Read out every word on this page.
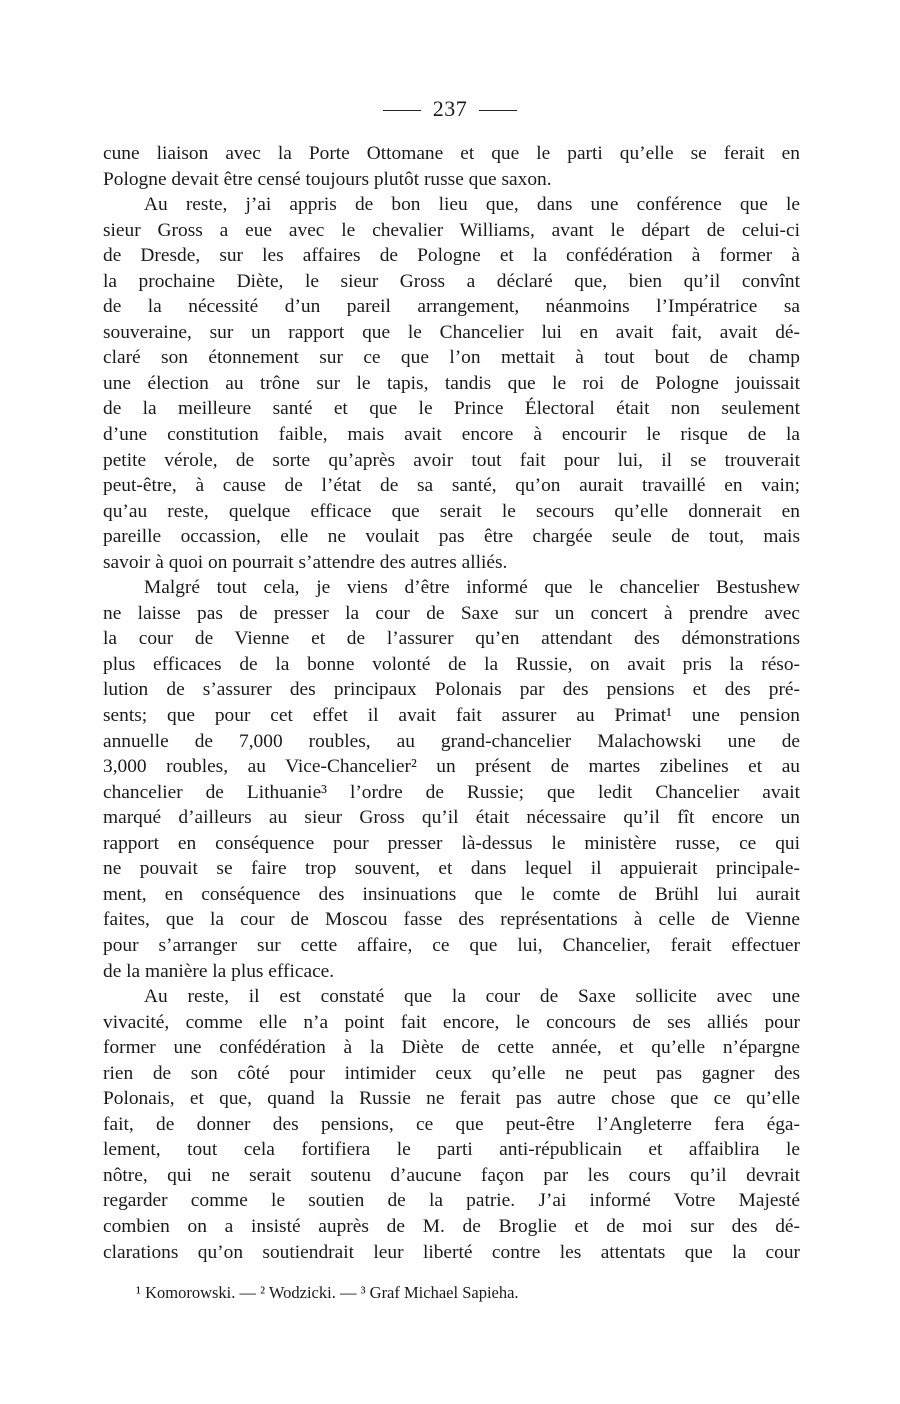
237
cune liaison avec la Porte Ottomane et que le parti qu’elle se ferait en
Pologne devait être censé toujours plutôt russe que saxon.
Au reste, j’ai appris de bon lieu que, dans une conférence que le
sieur Gross a eue avec le chevalier Williams, avant le départ de celui-ci
de Dresde, sur les affaires de Pologne et la confédération à former à
la prochaine Diète, le sieur Gross a déclaré que, bien qu’il convînt
de la nécessité d’un pareil arrangement, néanmoins l’Impératrice sa
souveraine, sur un rapport que le Chancelier lui en avait fait, avait dé-
claré son étonnement sur ce que l’on mettait à tout bout de champ
une élection au trône sur le tapis, tandis que le roi de Pologne jouissait
de la meilleure santé et que le Prince Électoral était non seulement
d’une constitution faible, mais avait encore à encourir le risque de la
petite vérole, de sorte qu’après avoir tout fait pour lui, il se trouverait
peut-être, à cause de l’état de sa santé, qu’on aurait travaillé en vain;
qu’au reste, quelque efficace que serait le secours qu’elle donnerait en
pareille occassion, elle ne voulait pas être chargée seule de tout, mais
savoir à quoi on pourrait s’attendre des autres alliés.
Malgré tout cela, je viens d’être informé que le chancelier Bestushew
ne laisse pas de presser la cour de Saxe sur un concert à prendre avec
la cour de Vienne et de l’assurer qu’en attendant des démonstrations
plus efficaces de la bonne volonté de la Russie, on avait pris la réso-
lution de s’assurer des principaux Polonais par des pensions et des pré-
sents; que pour cet effet il avait fait assurer au Primat¹ une pension
annuelle de 7,000 roubles, au grand-chancelier Malachowski une de
3,000 roubles, au Vice-Chancelier² un présent de martes zibelines et au
chancelier de Lithuanie³ l’ordre de Russie; que ledit Chancelier avait
marqué d’ailleurs au sieur Gross qu’il était nécessaire qu’il fît encore un
rapport en conséquence pour presser là-dessus le ministère russe, ce qui
ne pouvait se faire trop souvent, et dans lequel il appuierait principale-
ment, en conséquence des insinuations que le comte de Brühl lui aurait
faites, que la cour de Moscou fasse des représentations à celle de Vienne
pour s’arranger sur cette affaire, ce que lui, Chancelier, ferait effectuer
de la manière la plus efficace.
Au reste, il est constaté que la cour de Saxe sollicite avec une
vivacité, comme elle n’a point fait encore, le concours de ses alliés pour
former une confédération à la Diète de cette année, et qu’elle n’épargne
rien de son côté pour intimider ceux qu’elle ne peut pas gagner des
Polonais, et que, quand la Russie ne ferait pas autre chose que ce qu’elle
fait, de donner des pensions, ce que peut-être l’Angleterre fera éga-
lement, tout cela fortifiera le parti anti-républicain et affaiblira le
nôtre, qui ne serait soutenu d’aucune façon par les cours qu’il devrait
regarder comme le soutien de la patrie. J’ai informé Votre Majesté
combien on a insisté auprès de M. de Broglie et de moi sur des dé-
clarations qu’on soutiendrait leur liberté contre les attentats que la cour
¹ Komorowski. — ² Wodzicki. — ³ Graf Michael Sapieha.
